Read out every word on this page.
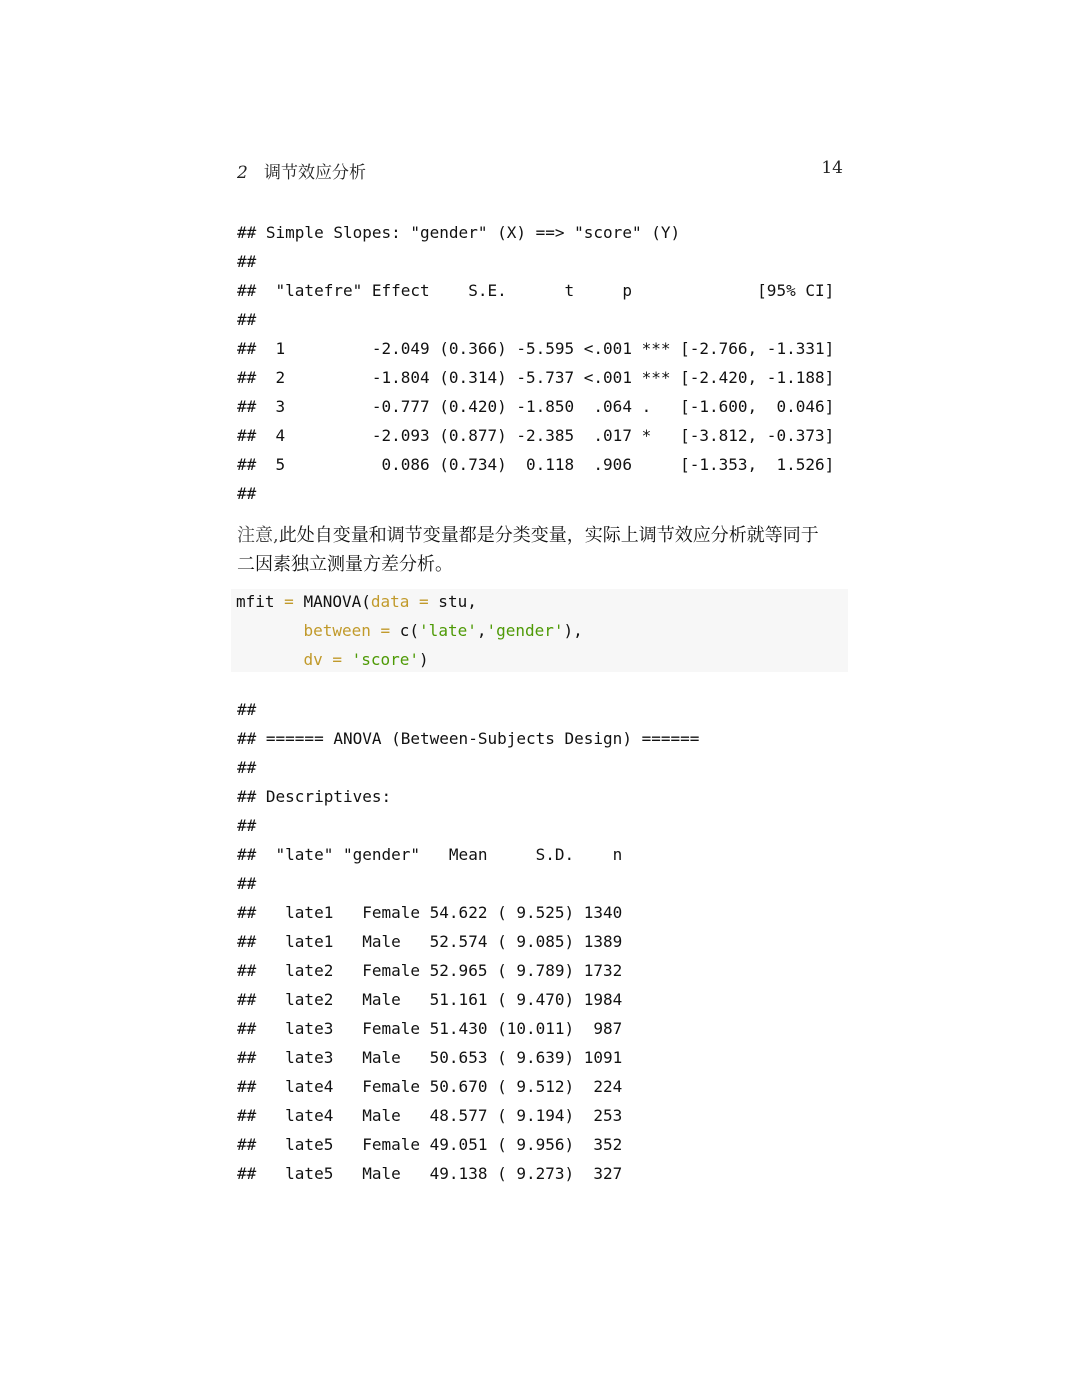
2 调节效应分析	14
## Simple Slopes: "gender" (X) ==> "score" (Y)
##
##  "latefre" Effect    S.E.      t     p             [95% CI]
##
##  1         -2.049 (0.366) -5.595 <.001 *** [-2.766, -1.331]
##  2         -1.804 (0.314) -5.737 <.001 *** [-2.420, -1.188]
##  3         -0.777 (0.420) -1.850  .064 .   [-1.600,  0.046]
##  4         -2.093 (0.877) -2.385  .017 *   [-3.812, -0.373]
##  5          0.086 (0.734)  0.118  .906     [-1.353,  1.526]
##
注意,此处自变量和调节变量都是分类变量，实际上调节效应分析就等同于
二因素独立测量方差分析。
mfit = MANOVA(data = stu,
between = c('late','gender'),
dv = 'score')
##
## ====== ANOVA (Between-Subjects Design) ======
##
## Descriptives:
##
##  "late" "gender"   Mean     S.D.    n
##
##   late1   Female 54.622 ( 9.525) 1340
##   late1   Male   52.574 ( 9.085) 1389
##   late2   Female 52.965 ( 9.789) 1732
##   late2   Male   51.161 ( 9.470) 1984
##   late3   Female 51.430 (10.011)  987
##   late3   Male   50.653 ( 9.639) 1091
##   late4   Female 50.670 ( 9.512)  224
##   late4   Male   48.577 ( 9.194)  253
##   late5   Female 49.051 ( 9.956)  352
##   late5   Male   49.138 ( 9.273)  327
